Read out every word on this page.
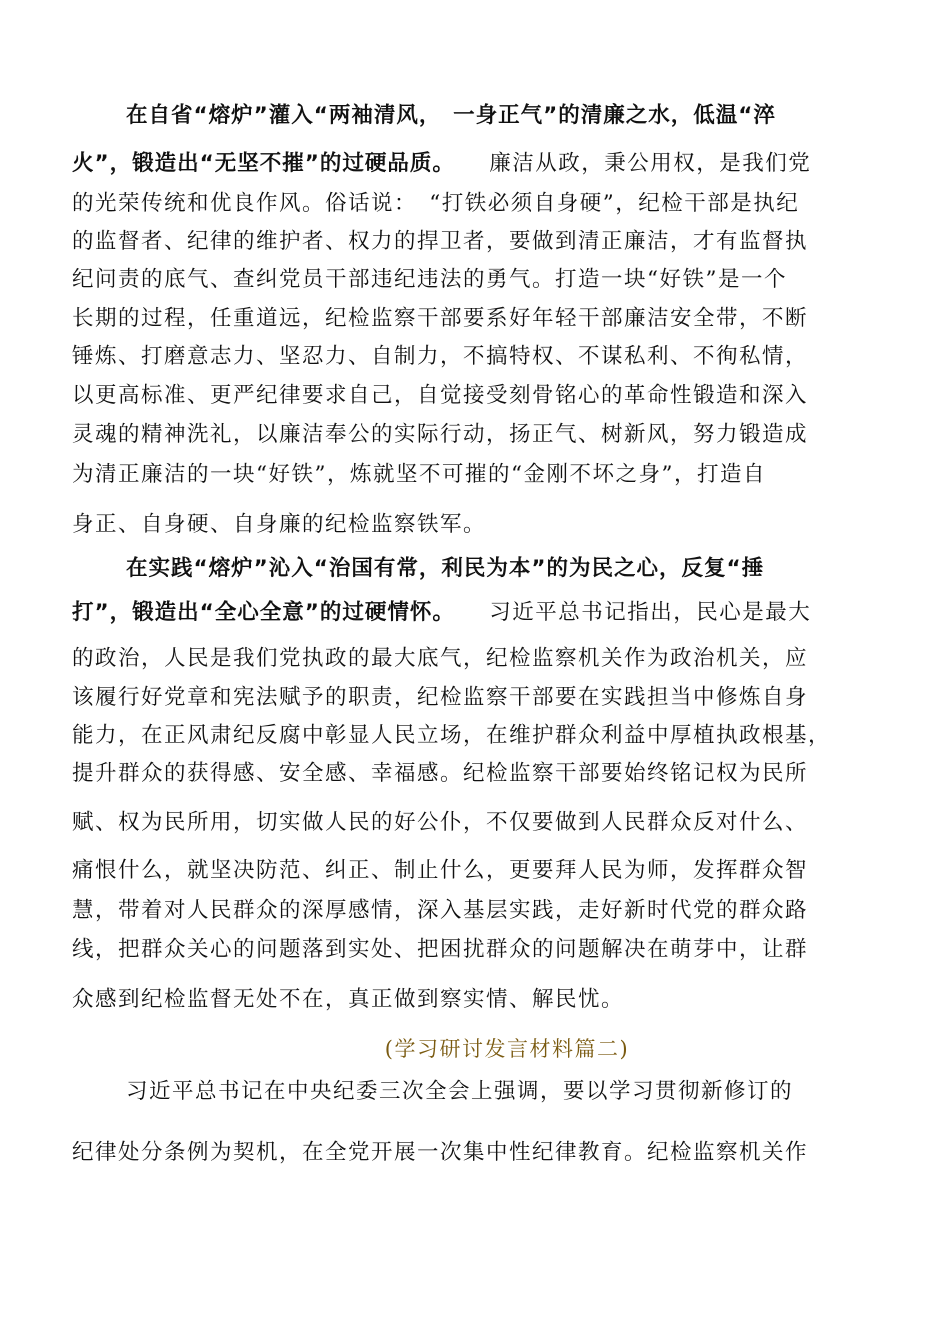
在自省“熔炉”灌入“两袖清风，　一身正气”的清廉之水，低温“淬

火”，锻造出“无坚不摧”的过硬品质。 廉洁从政，秉公用权，是我们党

的光荣传统和优良作风。俗话说：　“打铁必须自身硬”，纪检干部是执纪

的监督者、纪律的维护者、权力的捍卫者，要做到清正廉洁，才有监督执

纪问责的底气、查纠党员干部违纪违法的勇气。打造一块“好铁”是一个

长期的过程，任重道远，纪检监察干部要系好年轻干部廉洁安全带，不断

锤炼、打磨意志力、坚忍力、自制力，不搞特权、不谋私利、不徇私情，

以更高标准、更严纪律要求自己，自觉接受刻骨铭心的革命性锻造和深入

灵魂的精神洗礼，以廉洁奉公的实际行动，扬正气、树新风，努力锻造成

为清正廉洁的一块“好铁”，炼就坚不可摧的“金刚不坏之身”，打造自

身正、自身硬、自身廉的纪检监察铁军。

在实践“熔炉”沁入“治国有常，利民为本”的为民之心，反复“捶

打”，锻造出“全心全意”的过硬情怀。 习近平总书记指出，民心是最大

的政治，人民是我们党执政的最大底气，纪检监察机关作为政治机关，应

该履行好党章和宪法赋予的职责，纪检监察干部要在实践担当中修炼自身

能力，在正风肃纪反腐中彰显人民立场，在维护群众利益中厚植执政根基，

提升群众的获得感、安全感、幸福感。纪检监察干部要始终铭记权为民所

赋、权为民所用，切实做人民的好公仆，不仅要做到人民群众反对什么、

痛恨什么，就坚决防范、纠正、制止什么，更要拜人民为师，发挥群众智

慧，带着对人民群众的深厚感情，深入基层实践，走好新时代党的群众路

线，把群众关心的问题落到实处、把困扰群众的问题解决在萌芽中，让群

众感到纪检监督无处不在，真正做到察实情、解民忧。

(学习研讨发言材料篇二)

习近平总书记在中央纪委三次全会上强调，要以学习贯彻新修订的

纪律处分条例为契机，在全党开展一次集中性纪律教育。纪检监察机关作
